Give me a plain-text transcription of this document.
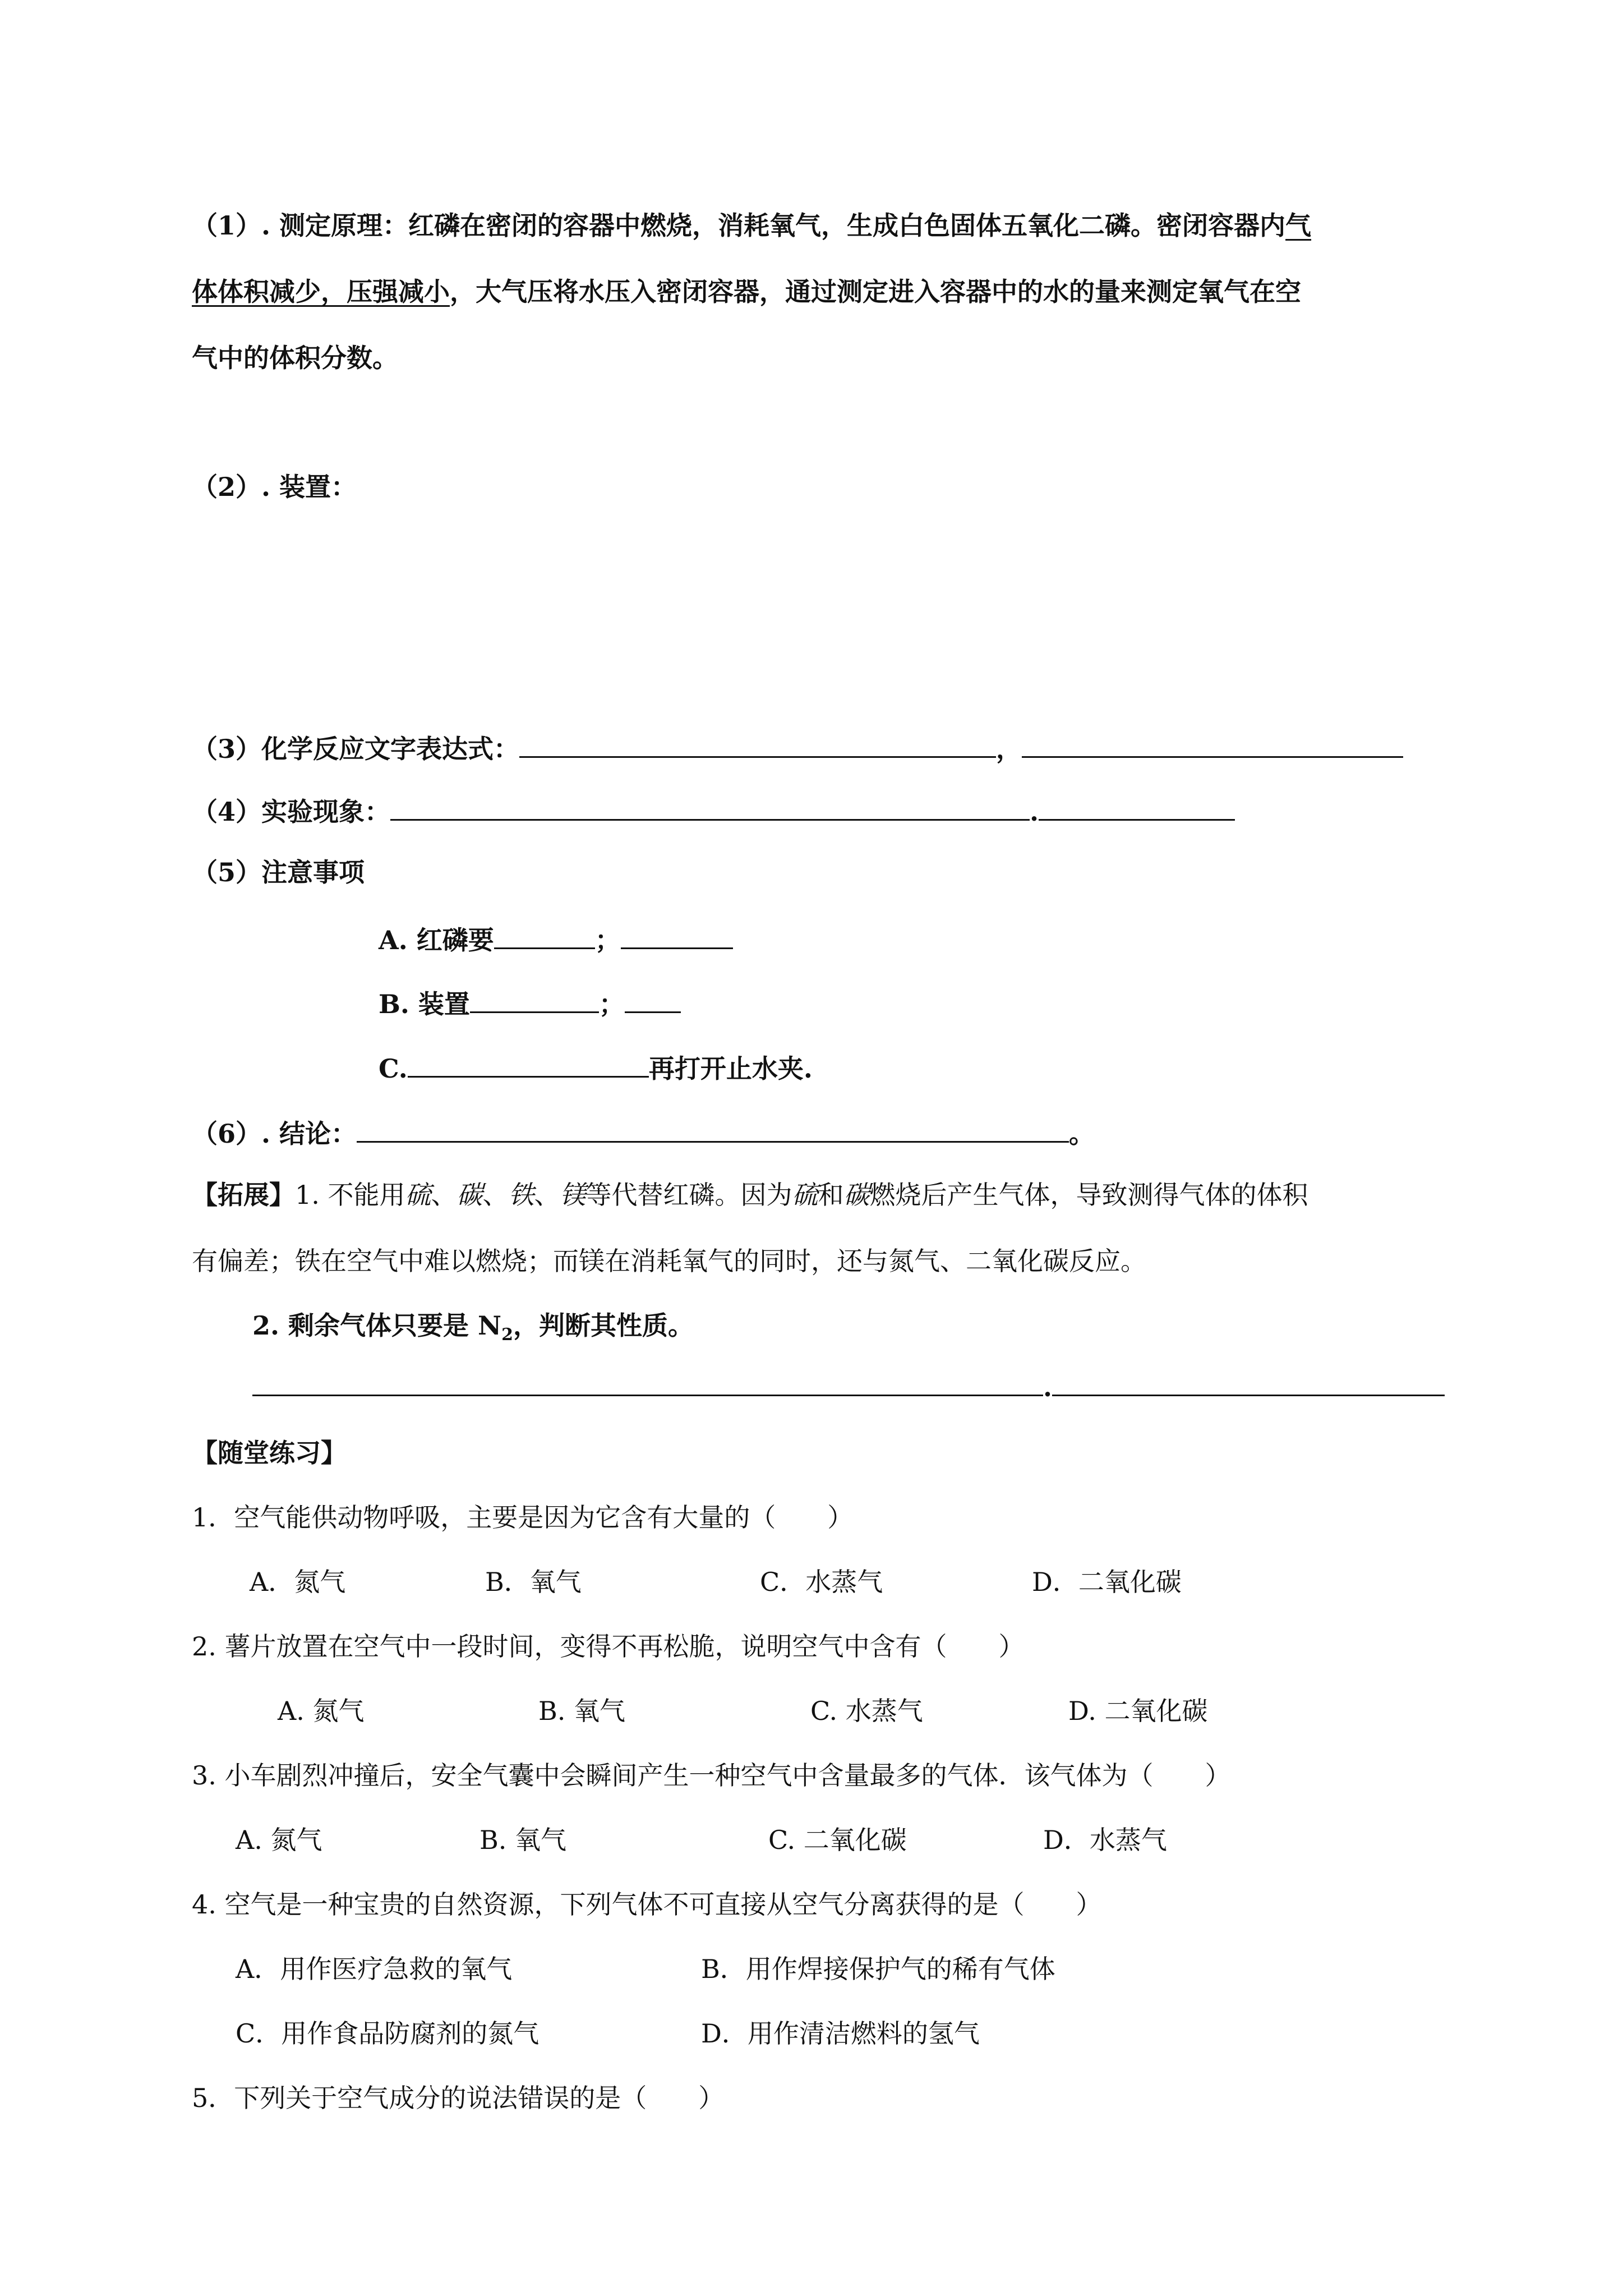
（1）. 测定原理：红磷在密闭的容器中燃烧，消耗氧气，生成白色固体五氧化二磷。密闭容器内气
体体积减少，压强减小，大气压将水压入密闭容器，通过测定进入容器中的水的量来测定氧气在空
气中的体积分数。
（2）. 装置：
（3）化学反应文字表达式：	，
（4）实验现象：	.
（5）注意事项
A. 红磷要	；
B. 装置	；
C.	再打开止水夹.
（6）. 结论：	。
【拓展】1. 不能用硫、碳、铁、镁等代替红磷。因为硫和碳燃烧后产生气体，导致测得气体的体积
有偏差；铁在空气中难以燃烧；而镁在消耗氧气的同时，还与氮气、二氧化碳反应。
2. 剩余气体只要是 $N_2$，判断其性质。
.
【随堂练习】
1．空气能供动物呼吸，主要是因为它含有大量的（　　）
A．氮气	B．氧气	C．水蒸气	D．二氧化碳
2. 薯片放置在空气中一段时间，变得不再松脆，说明空气中含有（　　）
A. 氮气	B. 氧气	C. 水蒸气	D. 二氧化碳
3. 小车剧烈冲撞后，安全气囊中会瞬间产生一种空气中含量最多的气体．该气体为（　　）
A. 氮气	B. 氧气	C. 二氧化碳	D．水蒸气
4. 空气是一种宝贵的自然资源，下列气体不可直接从空气分离获得的是（　　）
A．用作医疗急救的氧气	B．用作焊接保护气的稀有气体
C．用作食品防腐剂的氮气	D．用作清洁燃料的氢气
5．下列关于空气成分的说法错误的是（　　）
